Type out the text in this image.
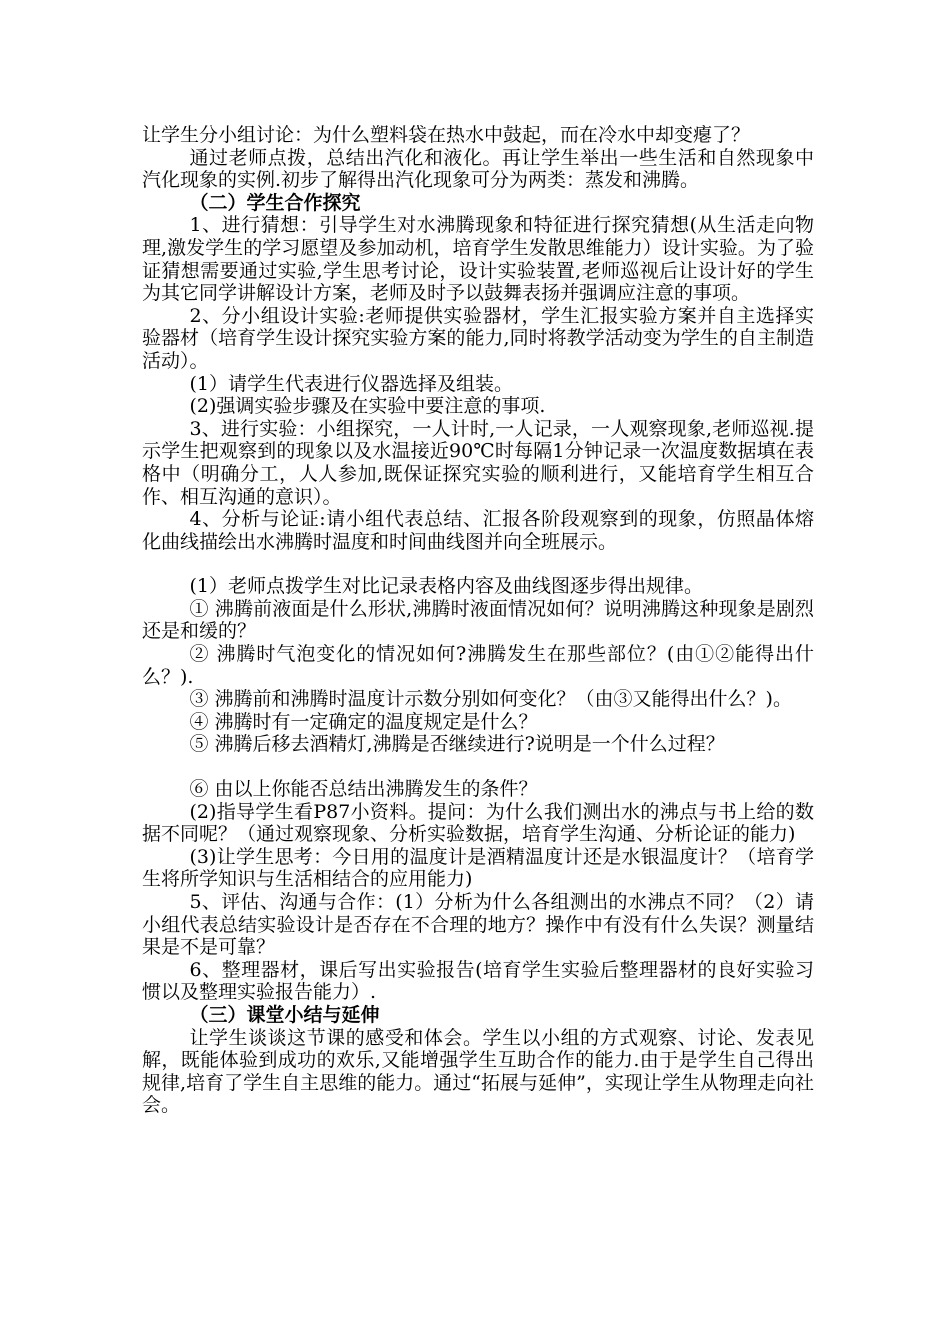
让学生分小组讨论：为什么塑料袋在热水中鼓起，而在冷水中却变瘪了？

通过老师点拨，总结出汽化和液化。再让学生举出一些生活和自然现象中汽化现象的实例.初步了解得出汽化现象可分为两类：蒸发和沸腾。

（二）学生合作探究

1、进行猜想：引导学生对水沸腾现象和特征进行探究猜想(从生活走向物理,激发学生的学习愿望及参加动机，培育学生发散思维能力）设计实验。为了验证猜想需要通过实验,学生思考讨论，设计实验装置,老师巡视后让设计好的学生为其它同学讲解设计方案，老师及时予以鼓舞表扬并强调应注意的事项。

2、分小组设计实验:老师提供实验器材，学生汇报实验方案并自主选择实验器材（培育学生设计探究实验方案的能力,同时将教学活动变为学生的自主制造活动）。

(1）请学生代表进行仪器选择及组装。

(2)强调实验步骤及在实验中要注意的事项.

3、进行实验：小组探究，一人计时,一人记录，一人观察现象,老师巡视.提示学生把观察到的现象以及水温接近90℃时每隔1分钟记录一次温度数据填在表格中（明确分工，人人参加,既保证探究实验的顺利进行，又能培育学生相互合作、相互沟通的意识）。

4、分析与论证:请小组代表总结、汇报各阶段观察到的现象，仿照晶体熔化曲线描绘出水沸腾时温度和时间曲线图并向全班展示。

(1）老师点拨学生对比记录表格内容及曲线图逐步得出规律。

① 沸腾前液面是什么形状,沸腾时液面情况如何？说明沸腾这种现象是剧烈还是和缓的？

② 沸腾时气泡变化的情况如何?沸腾发生在那些部位？(由①②能得出什么？).

③ 沸腾前和沸腾时温度计示数分别如何变化？（由③又能得出什么？)。

④ 沸腾时有一定确定的温度规定是什么？

⑤ 沸腾后移去酒精灯,沸腾是否继续进行?说明是一个什么过程？

⑥ 由以上你能否总结出沸腾发生的条件？

(2)指导学生看P87小资料。提问：为什么我们测出水的沸点与书上给的数据不同呢？（通过观察现象、分析实验数据，培育学生沟通、分析论证的能力)

(3)让学生思考：今日用的温度计是酒精温度计还是水银温度计？（培育学生将所学知识与生活相结合的应用能力)

5、评估、沟通与合作：(1）分析为什么各组测出的水沸点不同？（2）请小组代表总结实验设计是否存在不合理的地方？操作中有没有什么失误？测量结果是不是可靠？

6、整理器材，课后写出实验报告(培育学生实验后整理器材的良好实验习惯以及整理实验报告能力）.

（三）课堂小结与延伸

让学生谈谈这节课的感受和体会。学生以小组的方式观察、讨论、发表见解，既能体验到成功的欢乐,又能增强学生互助合作的能力.由于是学生自己得出规律,培育了学生自主思维的能力。通过“拓展与延伸”，实现让学生从物理走向社会。
